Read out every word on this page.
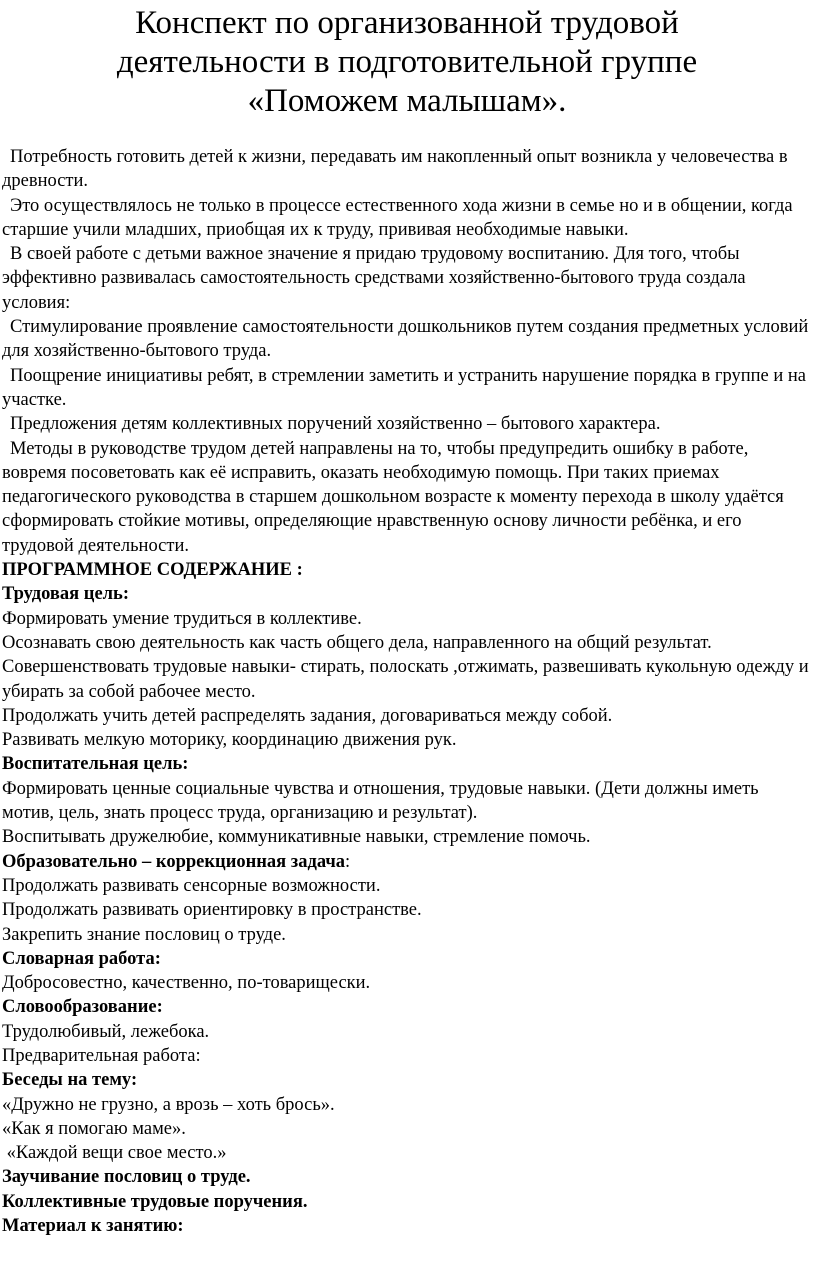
Конспект по организованной трудовой
деятельности в подготовительной группе
«Поможем малышам».

Потребность готовить детей к жизни, передавать им накопленный опыт возникла у человечества в древности.

Это осуществлялось не только в процессе естественного хода жизни в семье но и в общении, когда старшие учили младших, приобщая их к труду, прививая необходимые навыки.

В своей работе с детьми важное значение я придаю трудовому воспитанию. Для того, чтобы эффективно развивалась самостоятельность средствами хозяйственно-бытового труда создала условия:

Стимулирование проявление самостоятельности дошкольников путем создания предметных условий для хозяйственно-бытового труда.

Поощрение инициативы ребят, в стремлении заметить и устранить нарушение порядка в группе и на участке.

Предложения детям коллективных поручений хозяйственно – бытового характера.

Методы в руководстве трудом детей направлены на то, чтобы предупредить ошибку в работе, вовремя посоветовать как её исправить, оказать необходимую помощь. При таких приемах педагогического руководства в старшем дошкольном возрасте к моменту перехода в школу удаётся сформировать стойкие мотивы, определяющие нравственную основу личности ребёнка, и его трудовой деятельности.

ПРОГРАММНОЕ СОДЕРЖАНИЕ :

Трудовая цель:

Формировать умение трудиться в коллективе.

Осознавать свою деятельность как часть общего дела, направленного на общий результат.

Совершенствовать трудовые навыки- стирать, полоскать ,отжимать, развешивать кукольную одежду и убирать за собой рабочее место.

Продолжать учить детей распределять задания, договариваться между собой.

Развивать мелкую моторику, координацию движения рук.

Воспитательная цель:

Формировать ценные социальные чувства и отношения, трудовые навыки. (Дети должны иметь мотив, цель, знать процесс труда, организацию и результат).

Воспитывать дружелюбие, коммуникативные навыки, стремление помочь.

Образовательно – коррекционная задача:

Продолжать развивать сенсорные возможности.

Продолжать развивать ориентировку в пространстве.

Закрепить знание пословиц о труде.

Словарная работа:

Добросовестно, качественно, по-товарищески.

Словообразование:

Трудолюбивый, лежебока.

Предварительная работа:

Беседы на тему:

«Дружно не грузно, а врозь – хоть брось».

«Как я помогаю маме».

«Каждой вещи свое место.»

Заучивание пословиц о труде.

Коллективные трудовые поручения.

Материал к занятию:
